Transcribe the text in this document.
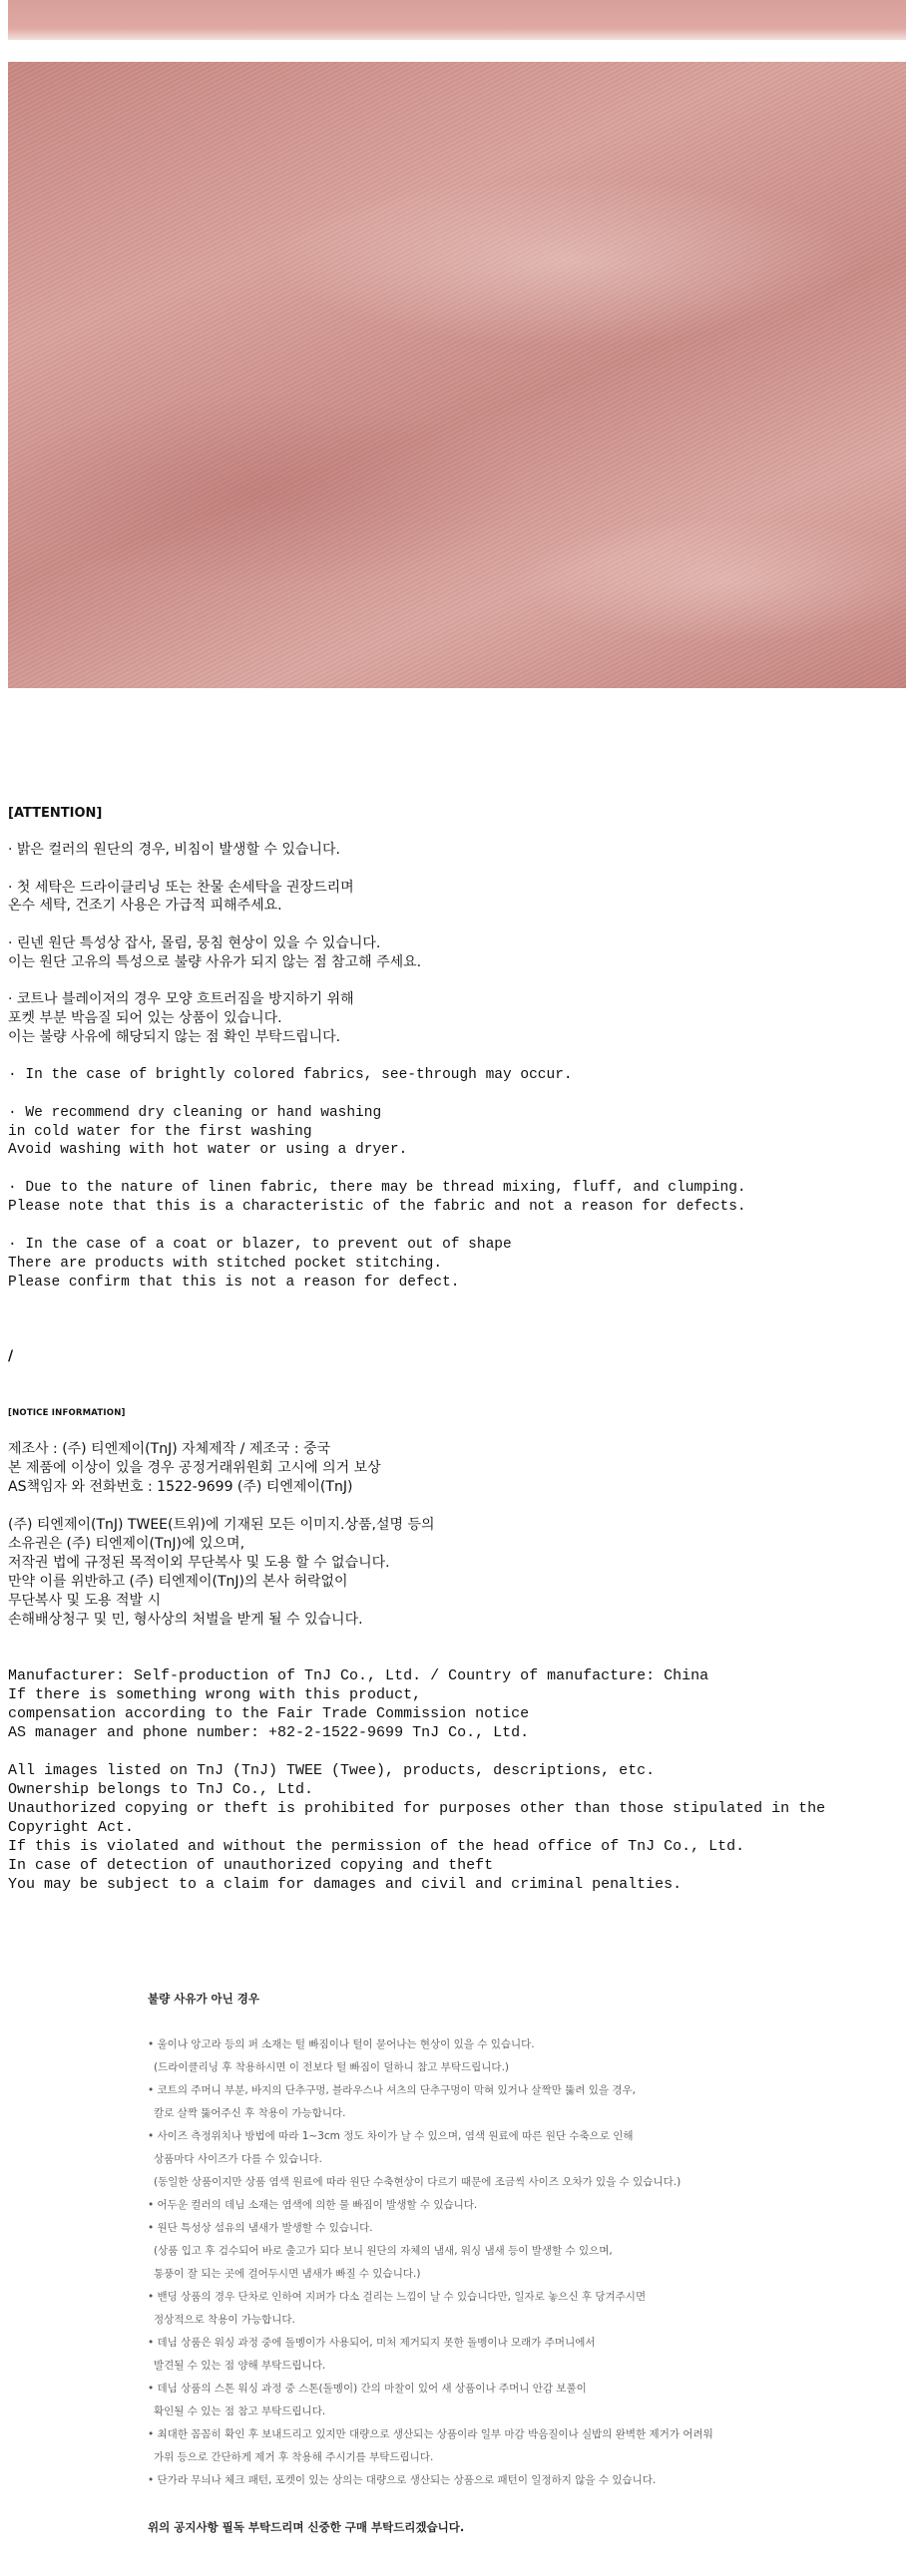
[ATTENTION]
· 밝은 컬러의 원단의 경우, 비침이 발생할 수 있습니다.
· 첫 세탁은 드라이클리닝 또는 찬물 손세탁을 권장드리며
온수 세탁, 건조기 사용은 가급적 피해주세요.
· 린넨 원단 특성상 잡사, 몰림, 뭉침 현상이 있을 수 있습니다.
이는 원단 고유의 특성으로 불량 사유가 되지 않는 점 참고해 주세요.
· 코트나 블레이저의 경우 모양 흐트러짐을 방지하기 위해
포켓 부분 박음질 되어 있는 상품이 있습니다.
이는 불량 사유에 해당되지 않는 점 확인 부탁드립니다.
· In the case of brightly colored fabrics, see-through may occur.
· We recommend dry cleaning or hand washing
in cold water for the first washing
Avoid washing with hot water or using a dryer.
· Due to the nature of linen fabric, there may be thread mixing, fluff, and clumping.
Please note that this is a characteristic of the fabric and not a reason for defects.
· In the case of a coat or blazer, to prevent out of shape
There are products with stitched pocket stitching.
Please confirm that this is not a reason for defect.
/
[NOTICE INFORMATION]
제조사 : (주) 티엔제이(TnJ) 자체제작 / 제조국 : 중국
본 제품에 이상이 있을 경우 공정거래위원회 고시에 의거 보상
AS책임자 와 전화번호 : 1522-9699 (주) 티엔제이(TnJ)
(주) 티엔제이(TnJ) TWEE(트위)에 기재된 모든 이미지.상품,설명 등의
소유권은 (주) 티엔제이(TnJ)에 있으며,
저작권 법에 규정된 목적이외 무단복사 및 도용 할 수 없습니다.
만약 이를 위반하고 (주) 티엔제이(TnJ)의 본사 허락없이
무단복사 및 도용 적발 시
손해배상청구 및 민, 형사상의 처벌을 받게 될 수 있습니다.
Manufacturer: Self-production of TnJ Co., Ltd. / Country of manufacture: China
If there is something wrong with this product,
compensation according to the Fair Trade Commission notice
AS manager and phone number: +82-2-1522-9699 TnJ Co., Ltd.
All images listed on TnJ (TnJ) TWEE (Twee), products, descriptions, etc.
Ownership belongs to TnJ Co., Ltd.
Unauthorized copying or theft is prohibited for purposes other than those stipulated in the Copyright Act.
If this is violated and without the permission of the head office of TnJ Co., Ltd.
In case of detection of unauthorized copying and theft
You may be subject to a claim for damages and civil and criminal penalties.
불량 사유가 아닌 경우
• 울이나 앙고라 등의 퍼 소재는 털 빠짐이나 털이 묻어나는 현상이 있을 수 있습니다.
(드라이클리닝 후 착용하시면 이 전보다 털 빠짐이 덜하니 참고 부탁드립니다.)
• 코트의 주머니 부분, 바지의 단추구멍, 블라우스나 셔츠의 단추구멍이 막혀 있거나 살짝만 뚫려 있을 경우,
칼로 살짝 뚫어주신 후 착용이 가능합니다.
• 사이즈 측정위치나 방법에 따라 1~3cm 정도 차이가 날 수 있으며, 염색 원료에 따른 원단 수축으로 인해
상품마다 사이즈가 다를 수 있습니다.
(동일한 상품이지만 상품 염색 원료에 따라 원단 수축현상이 다르기 때문에 조금씩 사이즈 오차가 있을 수 있습니다.)
• 어두운 컬러의 데님 소재는 염색에 의한 물 빠짐이 발생할 수 있습니다.
• 원단 특성상 섬유의 냄새가 발생할 수 있습니다.
(상품 입고 후 검수되어 바로 출고가 되다 보니 원단의 자체의 냄새, 워싱 냄새 등이 발생할 수 있으며,
통풍이 잘 되는 곳에 걸어두시면 냄새가 빠질 수 있습니다.)
• 밴딩 상품의 경우 단차로 인하여 지퍼가 다소 걸리는 느낌이 날 수 있습니다만, 일자로 놓으신 후 당겨주시면
정상적으로 착용이 가능합니다.
• 데님 상품은 워싱 과정 중에 돌멩이가 사용되어, 미처 제거되지 못한 돌멩이나 모래가 주머니에서
발견될 수 있는 점 양해 부탁드립니다.
• 데님 상품의 스톤 워싱 과정 중 스톤(돌멩이) 간의 마찰이 있어 새 상품이나 주머니 안감 보풀이
확인될 수 있는 점 참고 부탁드립니다.
• 최대한 꼼꼼히 확인 후 보내드리고 있지만 대량으로 생산되는 상품이라 일부 마감 박음질이나 실밥의 완벽한 제거가 어려워
가위 등으로 간단하게 제거 후 착용해 주시기를 부탁드립니다.
• 단가라 무늬나 체크 패턴, 포켓이 있는 상의는 대량으로 생산되는 상품으로 패턴이 일정하지 않을 수 있습니다.
위의 공지사항 필독 부탁드리며 신중한 구매 부탁드리겠습니다.
